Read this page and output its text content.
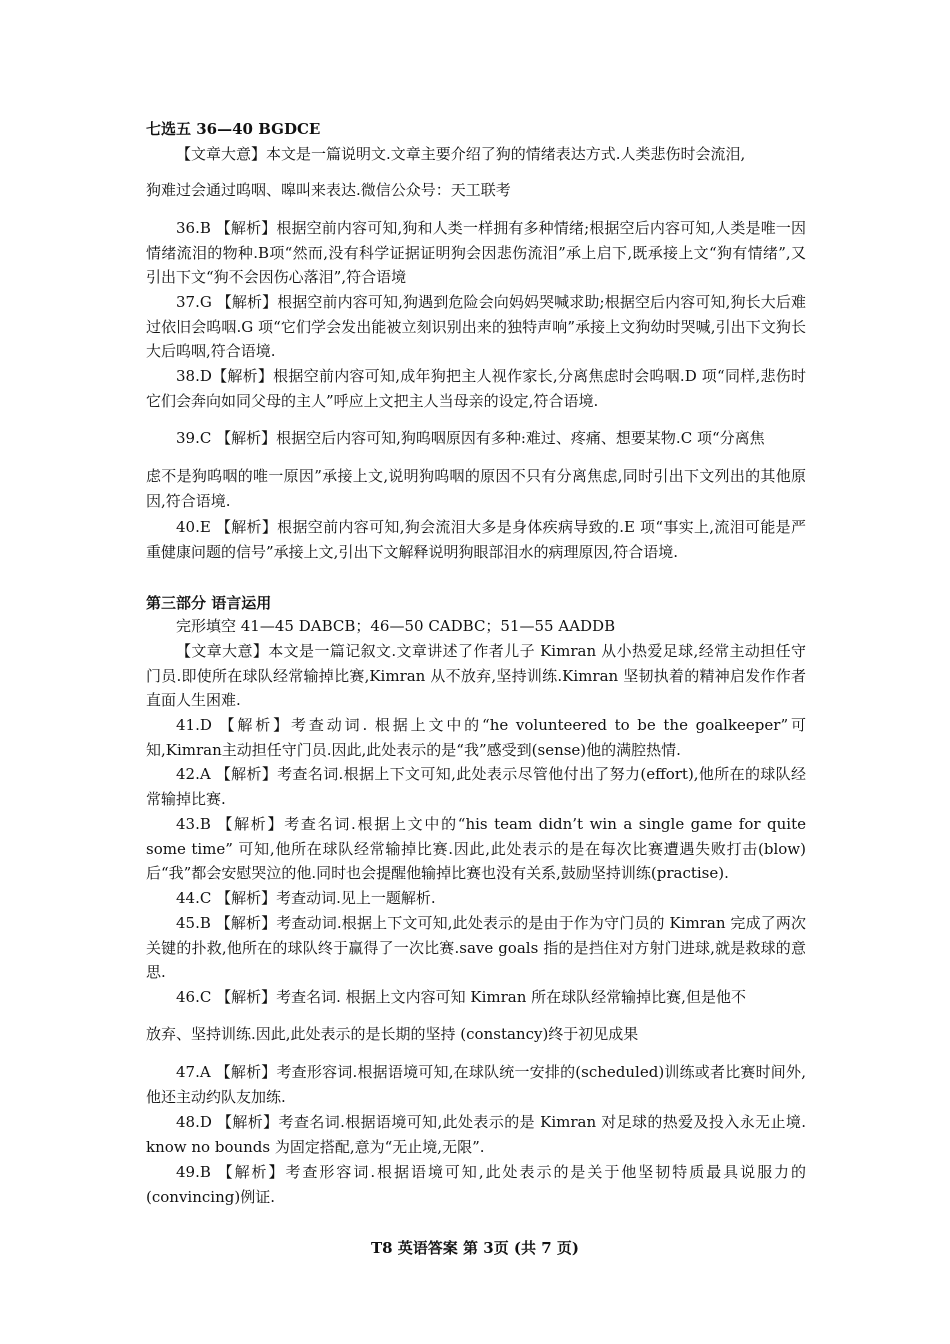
七选五 36—40 BGDCE

【文章大意】本文是一篇说明文.文章主要介绍了狗的情绪表达方式.人类悲伤时会流泪,

狗难过会通过呜咽、嗥叫来表达.微信公众号：天工联考

36.B 【解析】根据空前内容可知,狗和人类一样拥有多种情绪;根据空后内容可知,人类是唯一因情绪流泪的物种.B项“然而,没有科学证据证明狗会因悲伤流泪”承上启下,既承接上文“狗有情绪”,又引出下文“狗不会因伤心落泪”,符合语境

37.G 【解析】根据空前内容可知,狗遇到危险会向妈妈哭喊求助;根据空后内容可知,狗长大后难过依旧会呜咽.G 项“它们学会发出能被立刻识别出来的独特声响”承接上文狗幼时哭喊,引出下文狗长大后呜咽,符合语境.

38.D【解析】根据空前内容可知,成年狗把主人视作家长,分离焦虑时会呜咽.D 项“同样,悲伤时它们会奔向如同父母的主人”呼应上文把主人当母亲的设定,符合语境.

39.C 【解析】根据空后内容可知,狗呜咽原因有多种:难过、疼痛、想要某物.C 项“分离焦

虑不是狗呜咽的唯一原因”承接上文,说明狗呜咽的原因不只有分离焦虑,同时引出下文列出的其他原因,符合语境.

40.E 【解析】根据空前内容可知,狗会流泪大多是身体疾病导致的.E 项“事实上,流泪可能是严重健康问题的信号”承接上文,引出下文解释说明狗眼部泪水的病理原因,符合语境.

第三部分 语言运用

完形填空 41—45 DABCB；46—50 CADBC；51—55 AADDB

【文章大意】本文是一篇记叙文.文章讲述了作者儿子 Kimran 从小热爱足球,经常主动担任守门员.即使所在球队经常输掉比赛,Kimran 从不放弃,坚持训练.Kimran 坚韧执着的精神启发作作者直面人生困难.

41.D 【解析】考查动词. 根据上文中的“he volunteered to be the goalkeeper”可知,Kimran主动担任守门员.因此,此处表示的是“我”感受到(sense)他的满腔热情.

42.A 【解析】考查名词.根据上下文可知,此处表示尽管他付出了努力(effort),他所在的球队经常输掉比赛.

43.B 【解析】考查名词.根据上文中的“his team didn’t win a single game for quite some time” 可知,他所在球队经常输掉比赛.因此,此处表示的是在每次比赛遭遇失败打击(blow)后“我”都会安慰哭泣的他.同时也会提醒他输掉比赛也没有关系,鼓励坚持训练(practise).

44.C 【解析】考查动词.见上一题解析.

45.B 【解析】考查动词.根据上下文可知,此处表示的是由于作为守门员的 Kimran 完成了两次关键的扑救,他所在的球队终于赢得了一次比赛.save goals 指的是挡住对方射门进球,就是救球的意思.

46.C 【解析】考查名词. 根据上文内容可知 Kimran 所在球队经常输掉比赛,但是他不

放弃、坚持训练.因此,此处表示的是长期的坚持 (constancy)终于初见成果

47.A 【解析】考查形容词.根据语境可知,在球队统一安排的(scheduled)训练或者比赛时间外,他还主动约队友加练.

48.D 【解析】考查名词.根据语境可知,此处表示的是 Kimran 对足球的热爱及投入永无止境. know no bounds 为固定搭配,意为“无止境,无限”.

49.B 【解析】考查形容词.根据语境可知,此处表示的是关于他坚韧特质最具说服力的(convincing)例证.

T8 英语答案 第 3页 (共 7 页)
